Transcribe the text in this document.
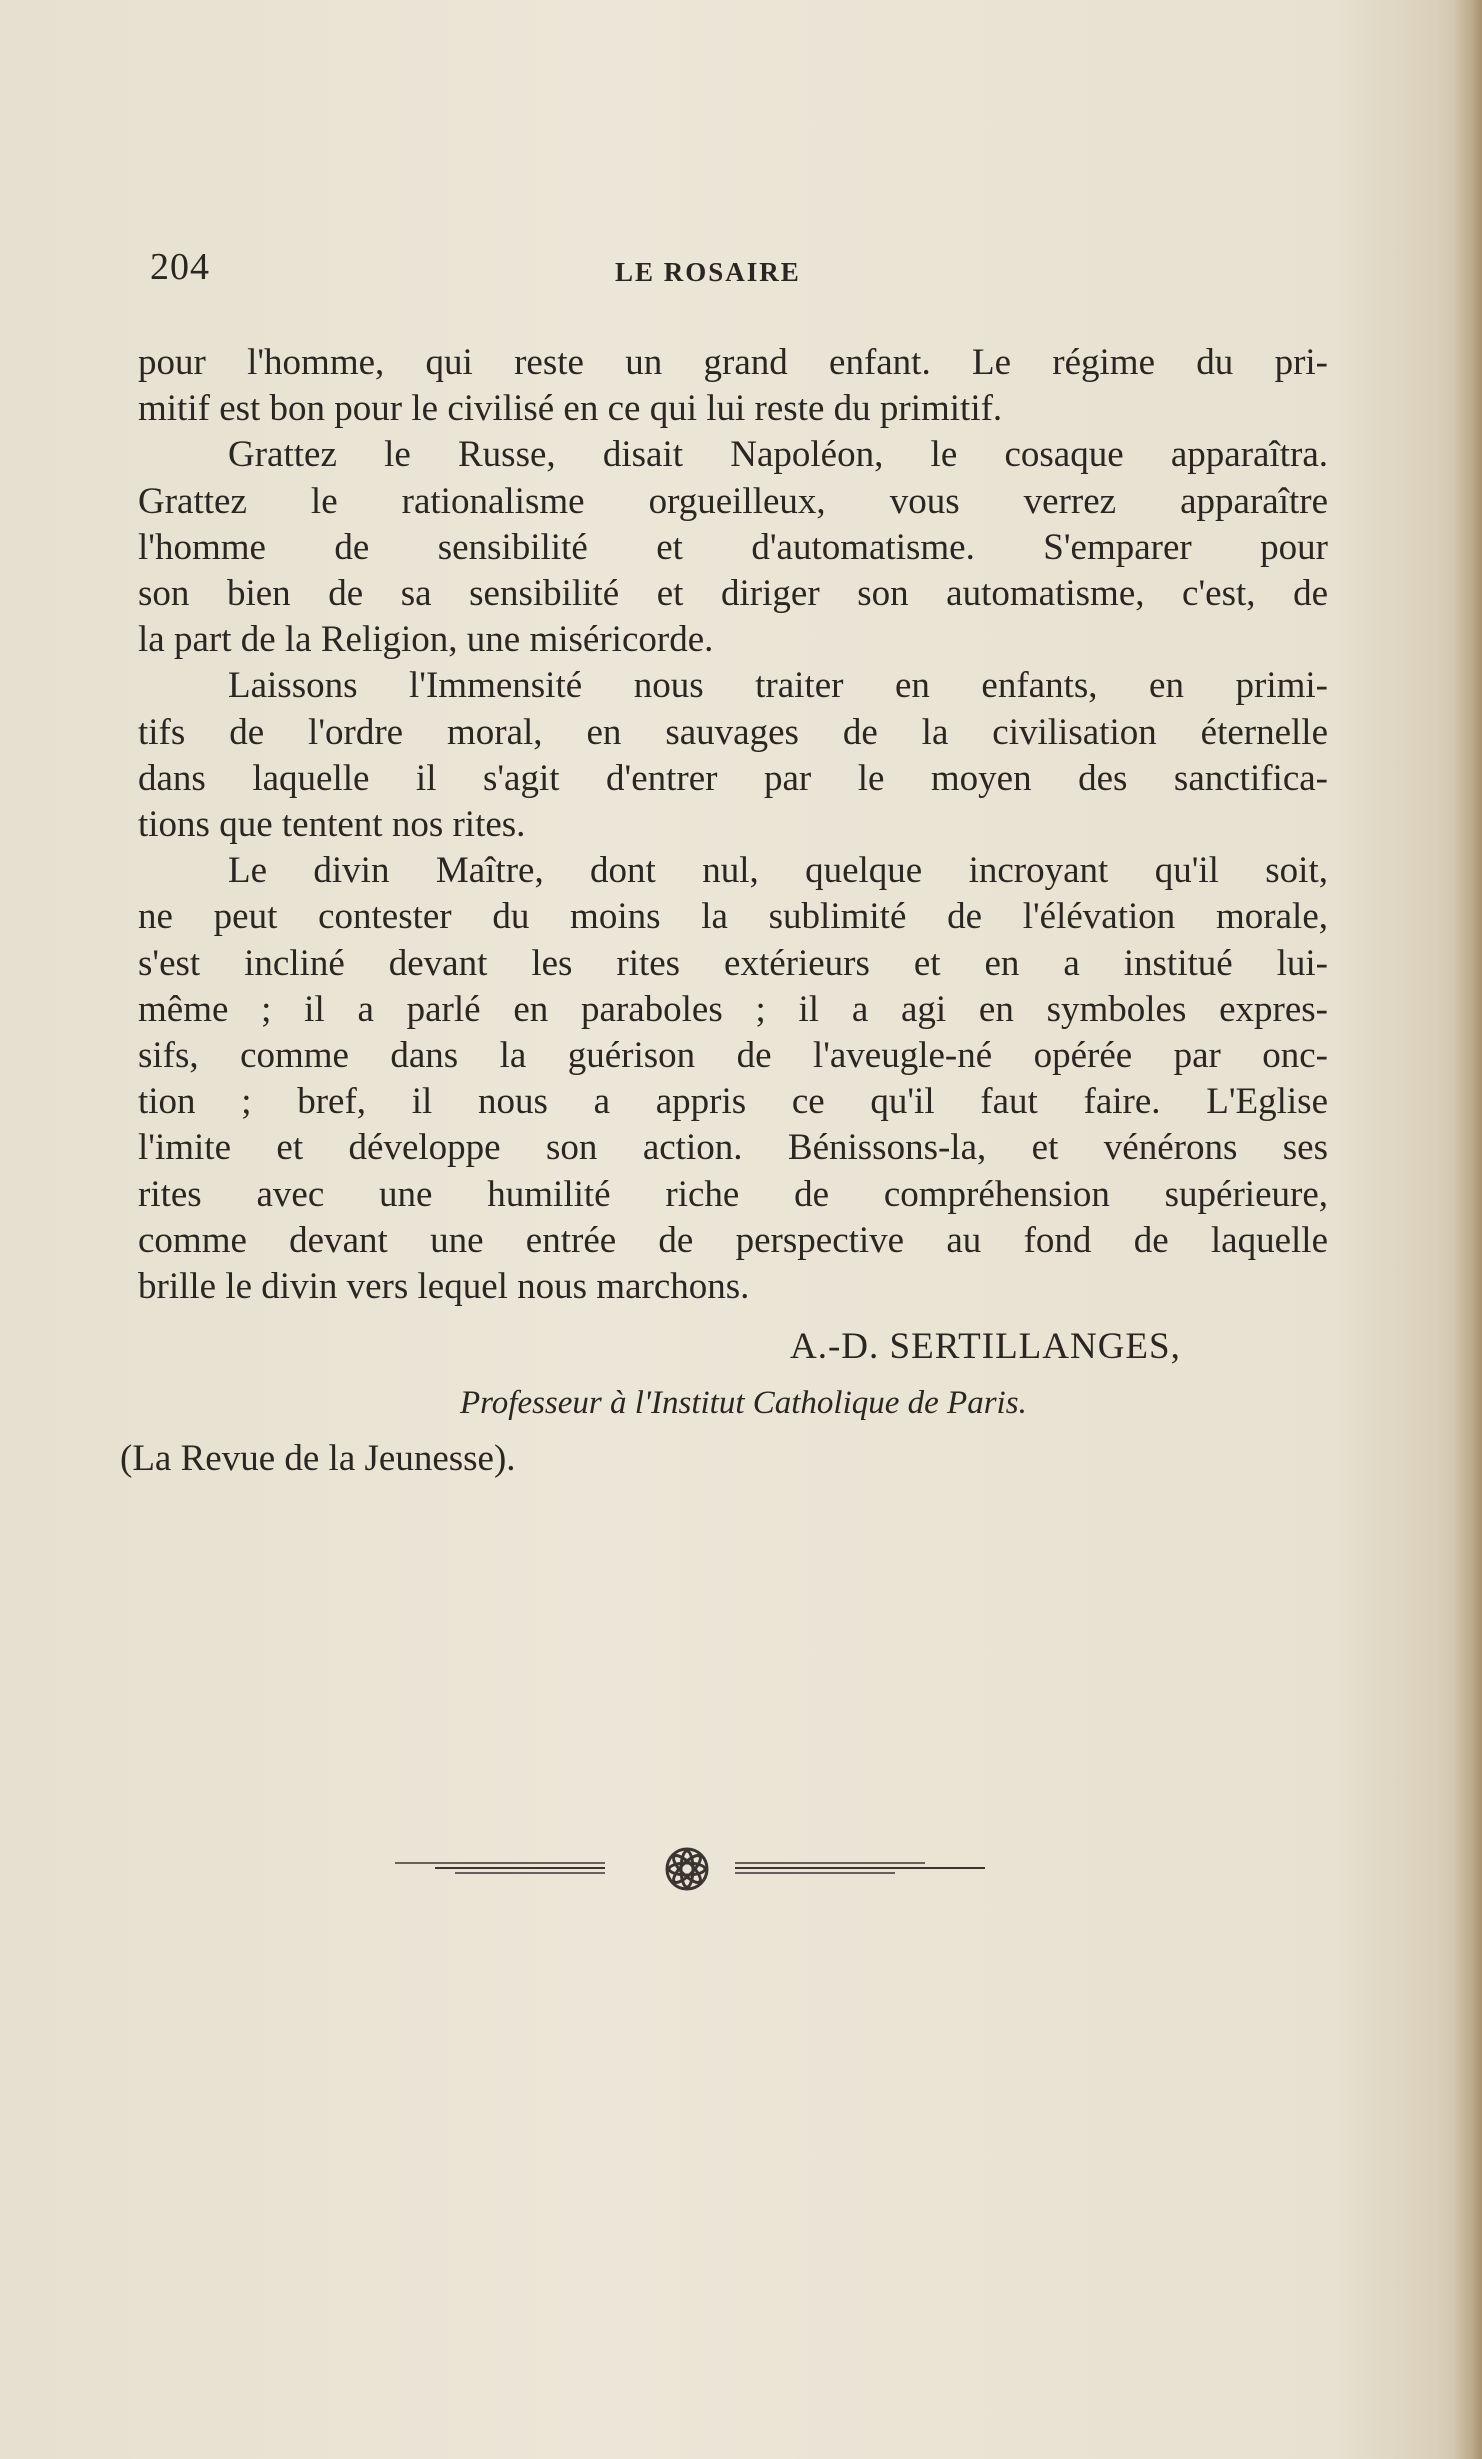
204	LE ROSAIRE

pour l'homme, qui reste un grand enfant. Le régime du pri-
mitif est bon pour le civilisé en ce qui lui reste du primitif.

Grattez le Russe, disait Napoléon, le cosaque apparaîtra.
Grattez le rationalisme orgueilleux, vous verrez apparaître
l'homme de sensibilité et d'automatisme. S'emparer pour
son bien de sa sensibilité et diriger son automatisme, c'est, de
la part de la Religion, une miséricorde.

Laissons l'Immensité nous traiter en enfants, en primi-
tifs de l'ordre moral, en sauvages de la civilisation éternelle
dans laquelle il s'agit d'entrer par le moyen des sanctifica-
tions que tentent nos rites.

Le divin Maître, dont nul, quelque incroyant qu'il soit,
ne peut contester du moins la sublimité de l'élévation morale,
s'est incliné devant les rites extérieurs et en a institué lui-
même ; il a parlé en paraboles ; il a agi en symboles expres-
sifs, comme dans la guérison de l'aveugle-né opérée par onc-
tion ; bref, il nous a appris ce qu'il faut faire. L'Eglise
l'imite et développe son action. Bénissons-la, et vénérons ses
rites avec une humilité riche de compréhension supérieure,
comme devant une entrée de perspective au fond de laquelle
brille le divin vers lequel nous marchons.

A.-D. SERTILLANGES,
Professeur à l'Institut Catholique de Paris.
(La Revue de la Jeunesse).
